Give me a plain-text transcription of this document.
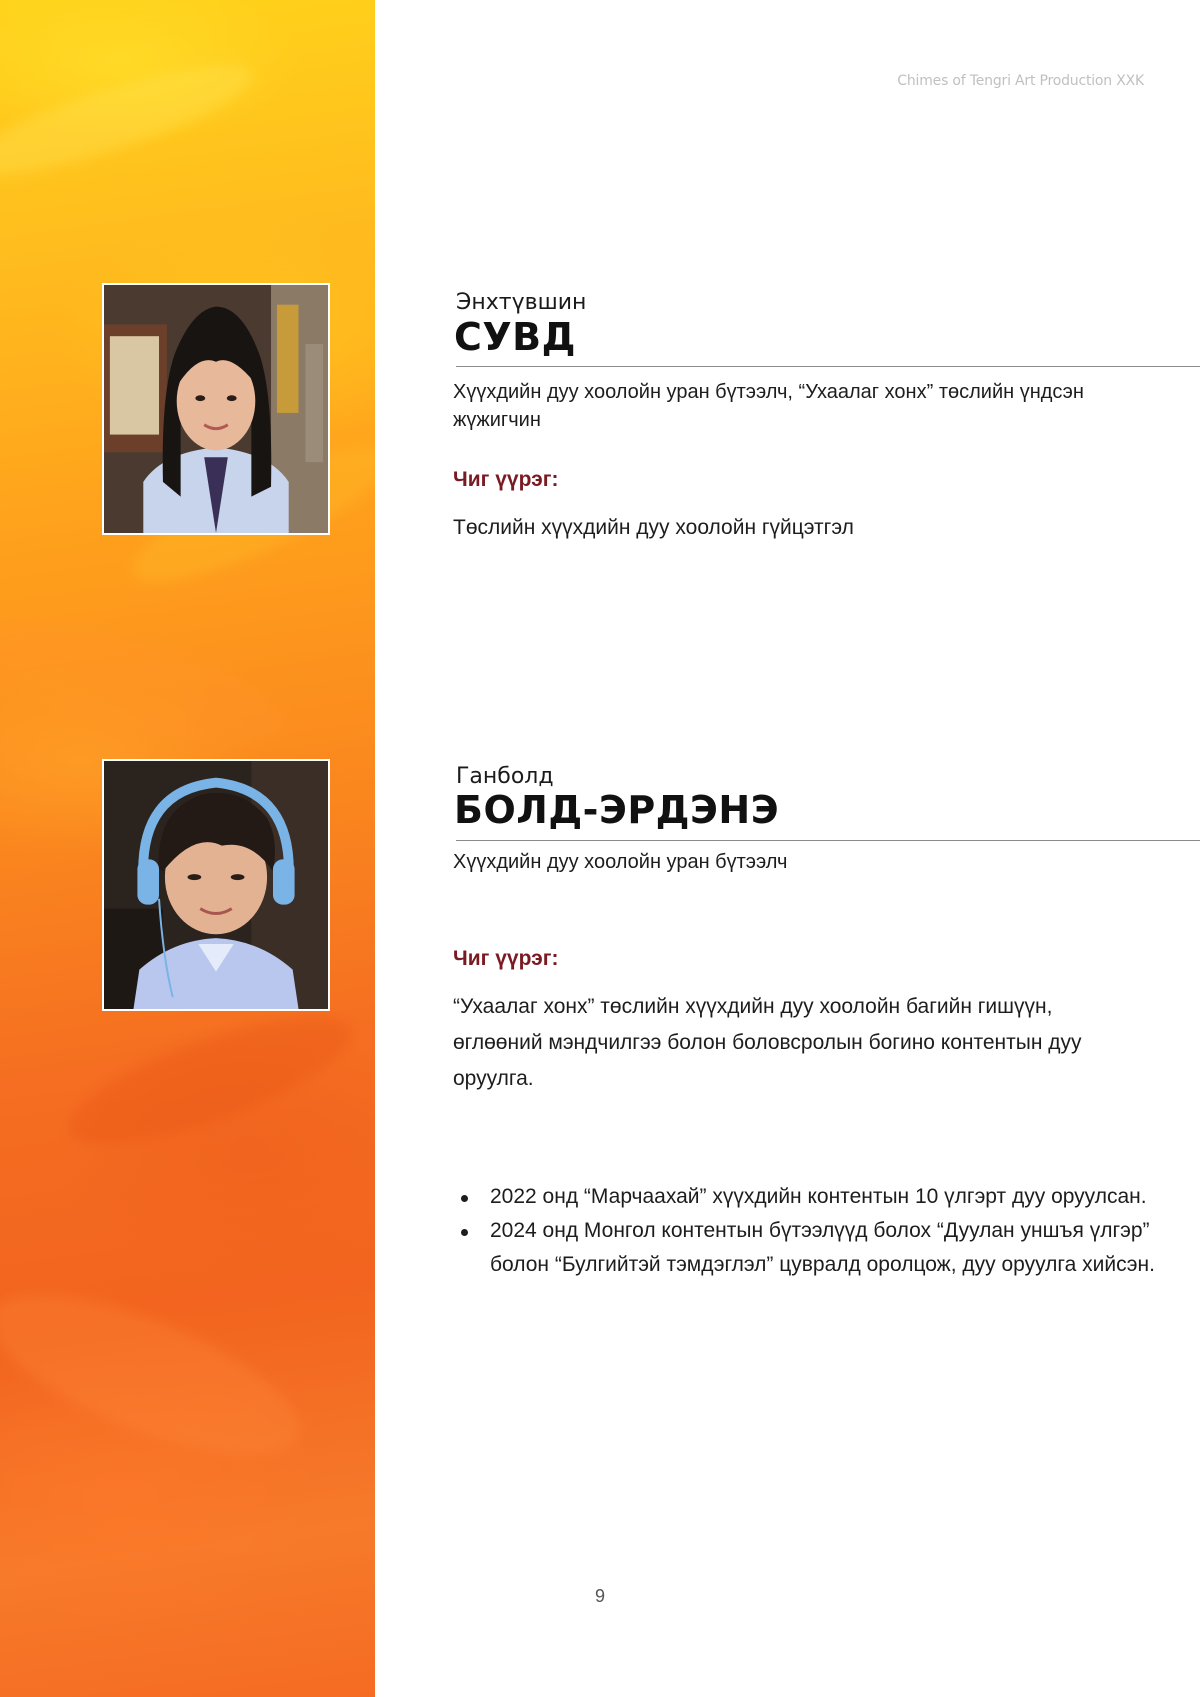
Chimes of Tengri Art Production XXK
Энхтүвшин
СУВД
Хүүхдийн дуу хоолойн уран бүтээлч, “Ухаалаг хонх” төслийн үндсэн жүжигчин
Чиг үүрэг:
Төслийн хүүхдийн дуу хоолойн гүйцэтгэл
Ганболд
БОЛД-ЭРДЭНЭ
Хүүхдийн дуу хоолойн уран бүтээлч
Чиг үүрэг:
“Ухаалаг хонх” төслийн хүүхдийн дуу хоолойн багийн гишүүн, өглөөний мэндчилгээ болон боловсролын богино контентын дуу оруулга.
2022 онд “Марчаахай” хүүхдийн контентын 10 үлгэрт дуу оруулсан.
2024 онд Монгол контентын бүтээлүүд болох “Дуулан уншъя үлгэр” болон “Булгийтэй тэмдэглэл” цувралд оролцож, дуу оруулга хийсэн.
9
